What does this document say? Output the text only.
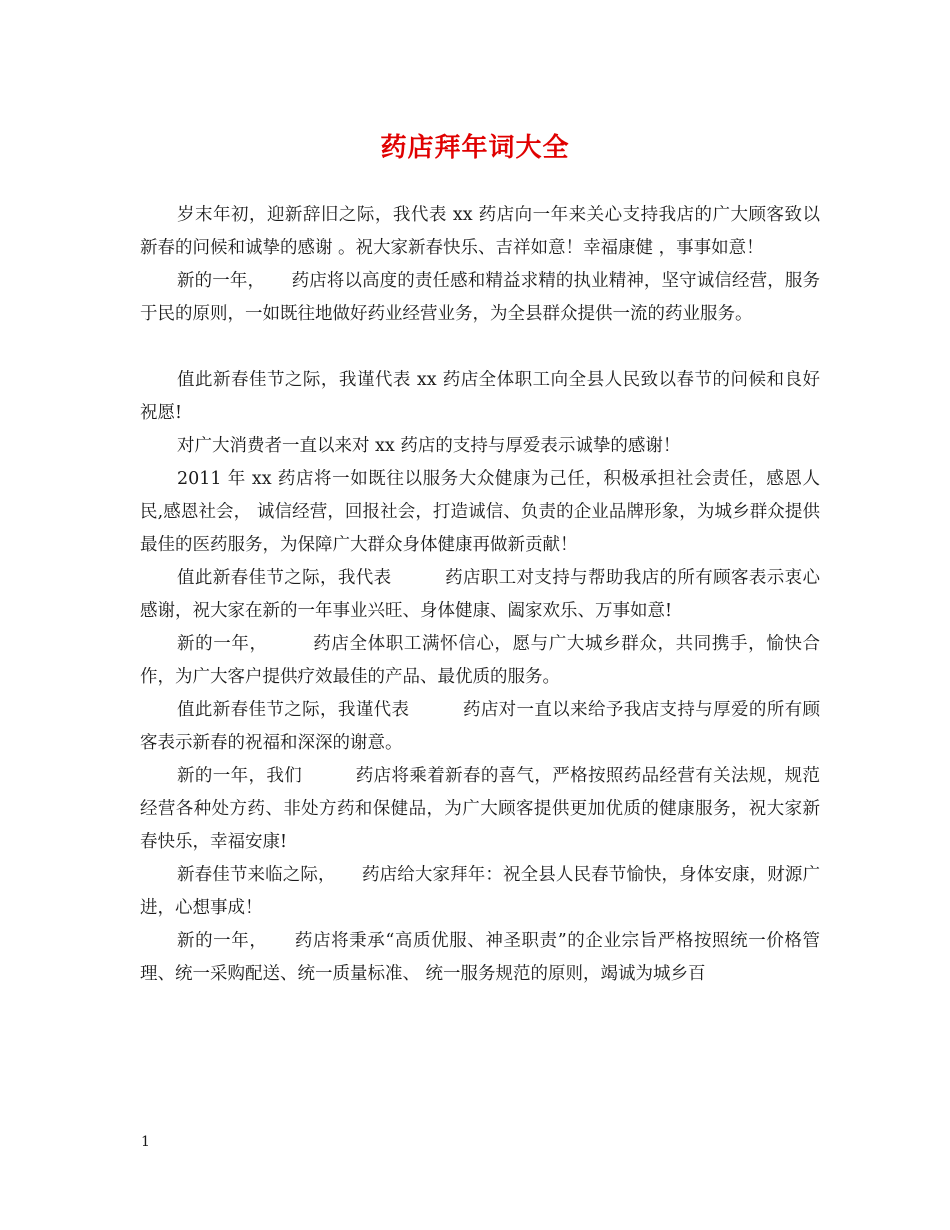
药店拜年词大全

岁末年初，迎新辞旧之际，我代表 xx 药店向一年来关心支持我店的广大顾客致以新春的问候和诚挚的感谢 。祝大家新春快乐、吉祥如意！幸福康健 ，事事如意！

新的一年，　　药店将以高度的责任感和精益求精的执业精神，坚守诚信经营，服务于民的原则，一如既往地做好药业经营业务，为全县群众提供一流的药业服务。

值此新春佳节之际，我谨代表 xx 药店全体职工向全县人民致以春节的问候和良好祝愿!

对广大消费者一直以来对 xx 药店的支持与厚爱表示诚挚的感谢！

2011 年 xx 药店将一如既往以服务大众健康为己任，积极承担社会责任，感恩人民,感恩社会， 诚信经营，回报社会，打造诚信、负责的企业品牌形象，为城乡群众提供最佳的医药服务，为保障广大群众身体健康再做新贡献！

值此新春佳节之际，我代表　　　药店职工对支持与帮助我店的所有顾客表示衷心感谢，祝大家在新的一年事业兴旺、身体健康、阖家欢乐、万事如意!

新的一年，　　　药店全体职工满怀信心，愿与广大城乡群众，共同携手，愉快合作，为广大客户提供疗效最佳的产品、最优质的服务。

值此新春佳节之际，我谨代表　　　药店对一直以来给予我店支持与厚爱的所有顾客表示新春的祝福和深深的谢意。

新的一年，我们　　　药店将乘着新春的喜气，严格按照药品经营有关法规，规范经营各种处方药、非处方药和保健品，为广大顾客提供更加优质的健康服务，祝大家新春快乐，幸福安康!

新春佳节来临之际，　　药店给大家拜年：祝全县人民春节愉快，身体安康，财源广进，心想事成！

新的一年，　　药店将秉承“高质优服、神圣职责”的企业宗旨严格按照统一价格管理、统一采购配送、统一质量标准、 统一服务规范的原则，竭诚为城乡百

1
